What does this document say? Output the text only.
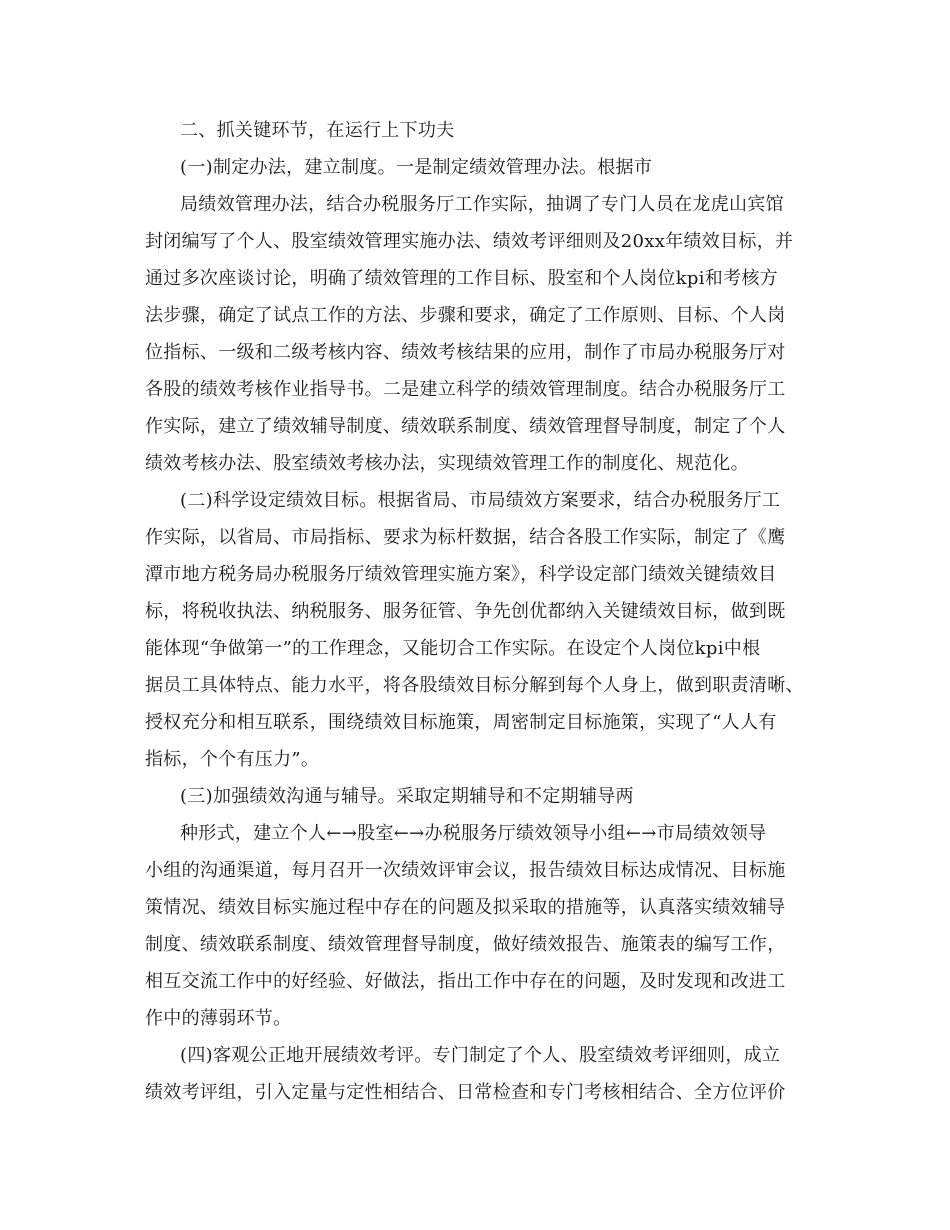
二、抓关键环节，在运行上下功夫
(一)制定办法，建立制度。一是制定绩效管理办法。根据市
局绩效管理办法，结合办税服务厅工作实际，抽调了专门人员在龙虎山宾馆
封闭编写了个人、股室绩效管理实施办法、绩效考评细则及20xx年绩效目标，并
通过多次座谈讨论，明确了绩效管理的工作目标、股室和个人岗位kpi和考核方
法步骤，确定了试点工作的方法、步骤和要求，确定了工作原则、目标、个人岗
位指标、一级和二级考核内容、绩效考核结果的应用，制作了市局办税服务厅对
各股的绩效考核作业指导书。二是建立科学的绩效管理制度。结合办税服务厅工
作实际，建立了绩效辅导制度、绩效联系制度、绩效管理督导制度，制定了个人
绩效考核办法、股室绩效考核办法，实现绩效管理工作的制度化、规范化。
(二)科学设定绩效目标。根据省局、市局绩效方案要求，结合办税服务厅工
作实际，以省局、市局指标、要求为标杆数据，结合各股工作实际，制定了《鹰
潭市地方税务局办税服务厅绩效管理实施方案》，科学设定部门绩效关键绩效目
标，将税收执法、纳税服务、服务征管、争先创优都纳入关键绩效目标，做到既
能体现“争做第一”的工作理念，又能切合工作实际。在设定个人岗位kpi中根
据员工具体特点、能力水平，将各股绩效目标分解到每个人身上，做到职责清晰、
授权充分和相互联系，围绕绩效目标施策，周密制定目标施策，实现了“人人有
指标，个个有压力”。
(三)加强绩效沟通与辅导。采取定期辅导和不定期辅导两
种形式，建立个人←→股室←→办税服务厅绩效领导小组←→市局绩效领导
小组的沟通渠道，每月召开一次绩效评审会议，报告绩效目标达成情况、目标施
策情况、绩效目标实施过程中存在的问题及拟采取的措施等，认真落实绩效辅导
制度、绩效联系制度、绩效管理督导制度，做好绩效报告、施策表的编写工作，
相互交流工作中的好经验、好做法，指出工作中存在的问题，及时发现和改进工
作中的薄弱环节。
(四)客观公正地开展绩效考评。专门制定了个人、股室绩效考评细则，成立
绩效考评组，引入定量与定性相结合、日常检查和专门考核相结合、全方位评价
